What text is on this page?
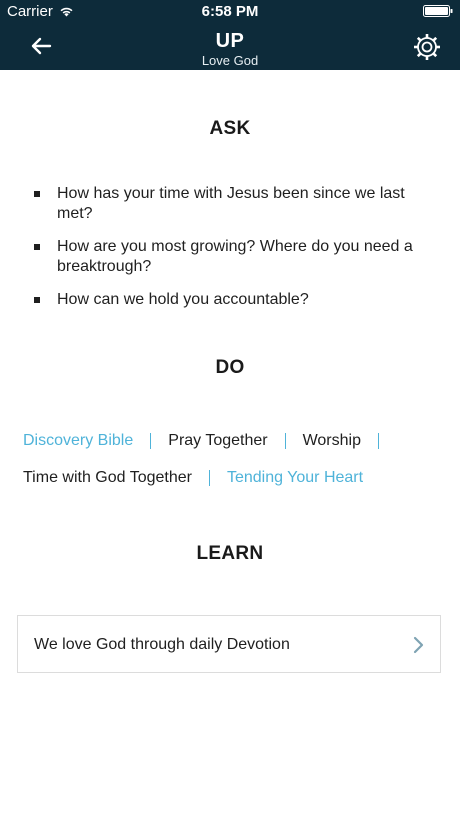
Carrier	6:58 PM
UP
Love God
ASK
How has your time with Jesus been since we last met?
How are you most growing? Where do you need a breaktrough?
How can we hold you accountable?
DO
Discovery Bible Pray Together Worship
Time with God Together Tending Your Heart
LEARN
We love God through daily Devotion
